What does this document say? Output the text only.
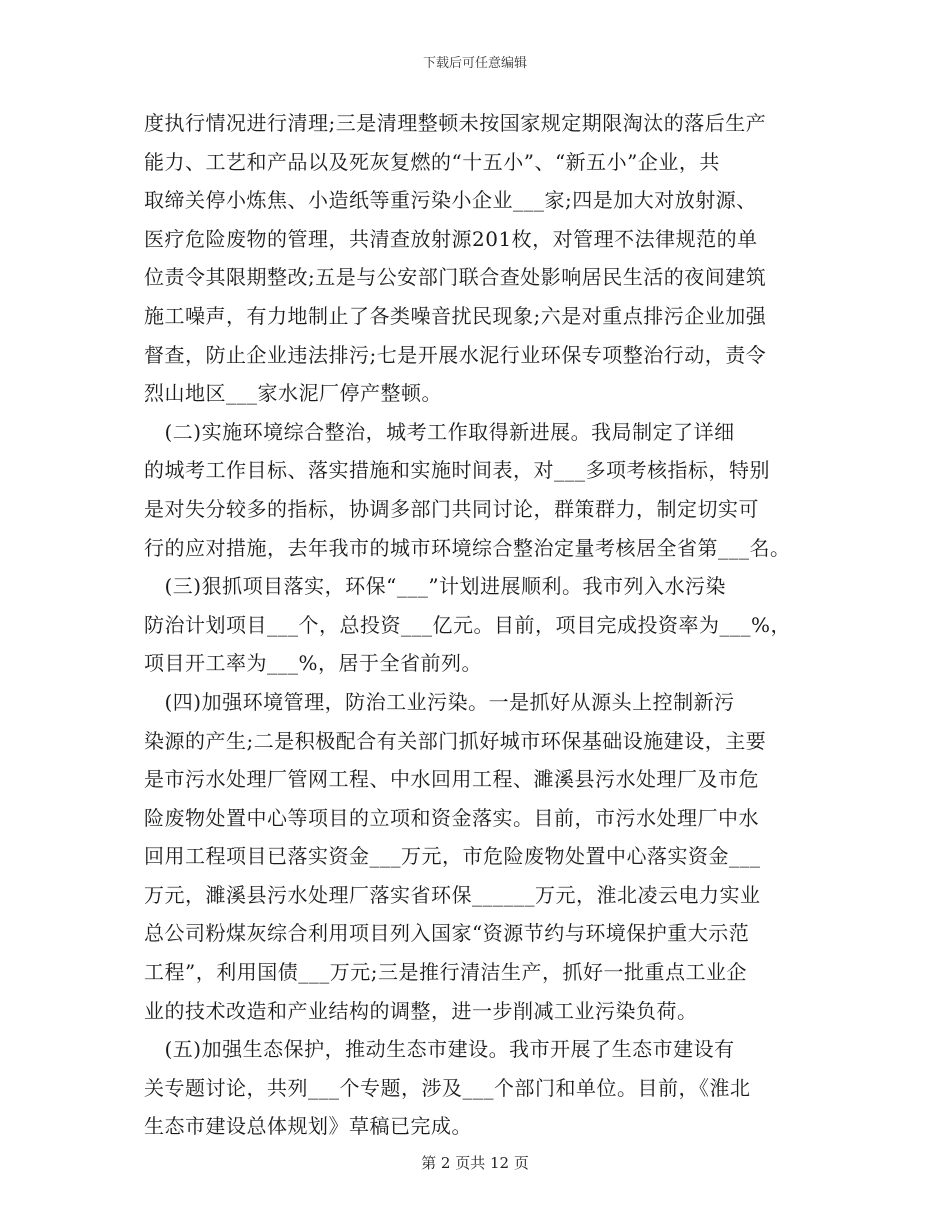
下载后可任意编辑
度执行情况进行清理;三是清理整顿未按国家规定期限淘汰的落后生产
能力、工艺和产品以及死灰复燃的“十五小”、“新五小”企业，共
取缔关停小炼焦、小造纸等重污染小企业___家;四是加大对放射源、
医疗危险废物的管理，共清查放射源201枚，对管理不法律规范的单
位责令其限期整改;五是与公安部门联合查处影响居民生活的夜间建筑
施工噪声，有力地制止了各类噪音扰民现象;六是对重点排污企业加强
督查，防止企业违法排污;七是开展水泥行业环保专项整治行动，责令
烈山地区___家水泥厂停产整顿。
　(二)实施环境综合整治，城考工作取得新进展。我局制定了详细
的城考工作目标、落实措施和实施时间表，对___多项考核指标，特别
是对失分较多的指标，协调多部门共同讨论，群策群力，制定切实可
行的应对措施，去年我市的城市环境综合整治定量考核居全省第___名。
　(三)狠抓项目落实，环保“___”计划进展顺利。我市列入水污染
防治计划项目___个，总投资___亿元。目前，项目完成投资率为___%，
项目开工率为___%，居于全省前列。
　(四)加强环境管理，防治工业污染。一是抓好从源头上控制新污
染源的产生;二是积极配合有关部门抓好城市环保基础设施建设，主要
是市污水处理厂管网工程、中水回用工程、濉溪县污水处理厂及市危
险废物处置中心等项目的立项和资金落实。目前，市污水处理厂中水
回用工程项目已落实资金___万元，市危险废物处置中心落实资金___
万元，濉溪县污水处理厂落实省环保______万元，淮北凌云电力实业
总公司粉煤灰综合利用项目列入国家“资源节约与环境保护重大示范
工程”，利用国债___万元;三是推行清洁生产，抓好一批重点工业企
业的技术改造和产业结构的调整，进一步削减工业污染负荷。
　(五)加强生态保护，推动生态市建设。我市开展了生态市建设有
关专题讨论，共列___个专题，涉及___个部门和单位。目前，《淮北
生态市建设总体规划》草稿已完成。
第 2 页共 12 页
